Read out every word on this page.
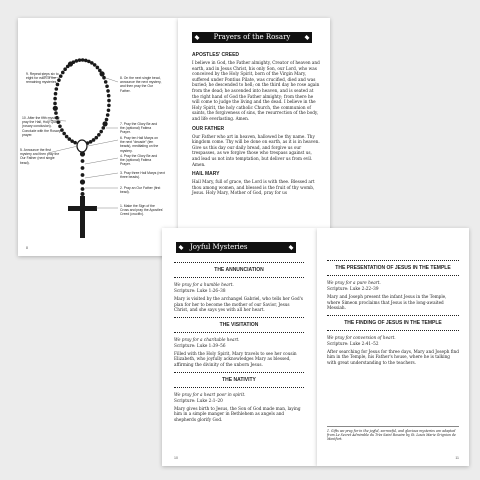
9. Repeat steps six to eight for each of the remaining mysteries.
8. On the next single bead, announce the next mystery, and then pray the Our Father.
10. After the fifth mystery, pray the Hail, Holy Queen (rosary conclusion). Conclude with the Rosary prayer.
7. Pray the Glory Be and the (optional) Fatima Prayer.
6. Pray ten Hail Marys on the next "decade" (ten beads), meditating on the mystery.
5. Announce the first mystery and then pray the Our Father (next single bead).
4. Pray the Glory Be and the (optional) Fatima Prayer.
3. Pray three Hail Marys (next three beads).
2. Pray an Our Father (first bead).
1. Make the Sign of the Cross and pray the Apostles' Creed (crucifix).
8
Prayers of the Rosary
APOSTLES' CREED

I believe in God, the Father almighty, Creator of heaven and earth, and in Jesus Christ, his only Son, our Lord, who was conceived by the Holy Spirit, born of the Virgin Mary, suffered under Pontius Pilate, was crucified, died and was buried; he descended to hell; on the third day he rose again from the dead; he ascended into heaven, and is seated at the right hand of God the Father almighty; from there he will come to judge the living and the dead. I believe in the Holy Spirit, the holy catholic Church, the communion of saints, the forgiveness of sins, the resurrection of the body, and life everlasting. Amen.

OUR FATHER

Our Father who art in heaven, hallowed be thy name. Thy kingdom come. Thy will be done on earth, as it is in heaven. Give us this day our daily bread, and forgive us our trespasses, as we forgive those who trespass against us, and lead us not into temptation, but deliver us from evil. Amen.

HAIL MARY

Hail Mary, full of grace, the Lord is with thee. Blessed art thou among women, and blessed is the fruit of thy womb, Jesus. Holy Mary, Mother of God, pray for us

Joyful Mysteries
THE ANNUNCIATION
We pray for a humble heart.
Scripture: Luke 1:26–38

Mary is visited by the archangel Gabriel, who tells her God's plan for her to become the mother of our Savior, Jesus Christ, and she says yes with all her heart.

THE VISITATION
We pray for a charitable heart.
Scripture: Luke 1:39–56

Filled with the Holy Spirit, Mary travels to see her cousin Elizabeth, who joyfully acknowledges Mary as blessed, affirming the divinity of the unborn Jesus.

THE NATIVITY
We pray for a heart poor in spirit.
Scripture: Luke 2:1–20

Mary gives birth to Jesus, the Son of God made man, laying him in a simple manger in Bethlehem as angels and shepherds glorify God.

10
THE PRESENTATION OF JESUS IN THE TEMPLE
We pray for a pure heart.
Scripture: Luke 2:22–39

Mary and Joseph present the infant Jesus in the Temple, where Simeon proclaims that Jesus is the long-awaited Messiah.

THE FINDING OF JESUS IN THE TEMPLE
We pray for conversion of heart.
Scripture: Luke 2:41–52

After searching for Jesus for three days, Mary and Joseph find him in the Temple, his Father's house, where he is talking with great understanding to the teachers.

1. Gifts we pray for in the joyful, sorrowful, and glorious mysteries are adapted from Le Secret Admirable du Très Saint Rosaire by St. Louis Marie Grignion de Montfort.
11
